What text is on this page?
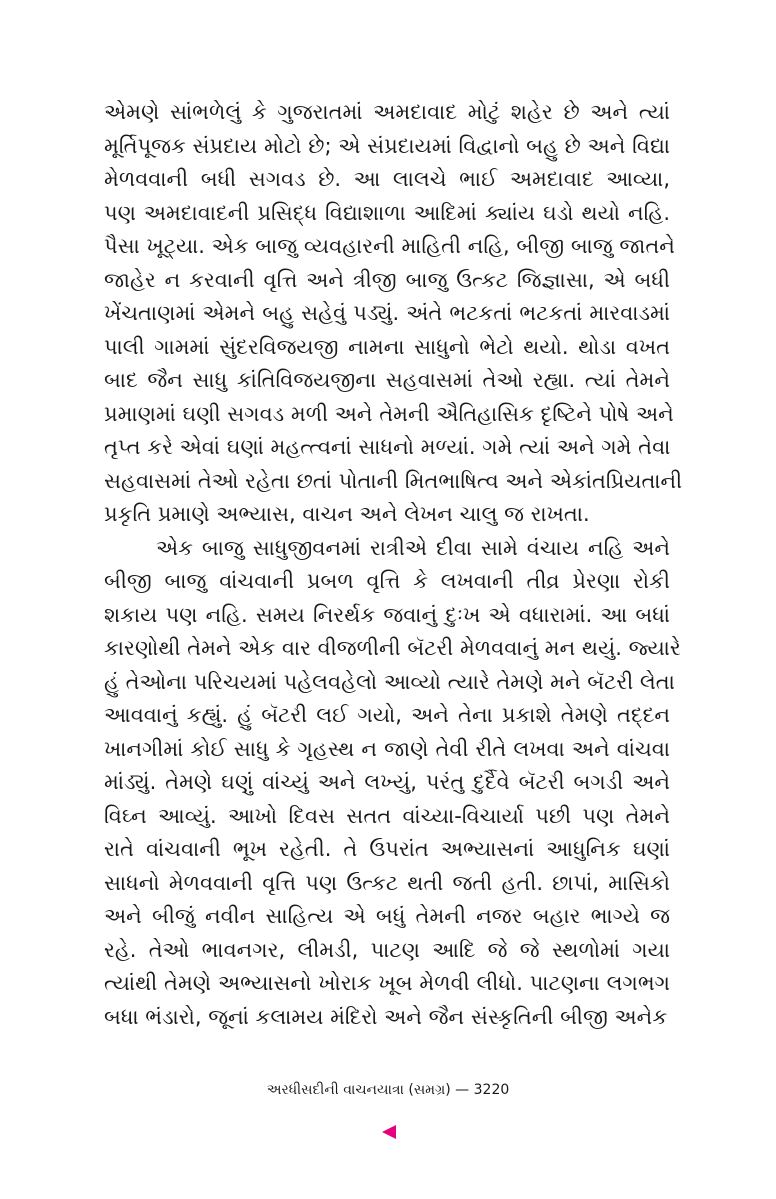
એમણે સાંભળેલું કે ગુજરાતમાં અમદાવાદ મોટું શહેર છે અને ત્યાં
મૂર્તિપૂજક સંપ્રદાય મોટો છે; એ સંપ્રદાયમાં વિદ્વાનો બહુ છે અને વિદ્યા
મેળવવાની બધી સગવડ છે. આ લાલચે ભાઈ અમદાવાદ આવ્યા,
પણ અમદાવાદની પ્રસિદ્ધ વિદ્યાશાળા આદિમાં ક્યાંય ઘડો થયો નહિ.
પૈસા ખૂટ્યા. એક બાજુ વ્યવહારની માહિતી નહિ, બીજી બાજુ જાતને
જાહેર ન કરવાની વૃત્તિ અને ત્રીજી બાજુ ઉત્કટ જિજ્ઞાસા, એ બધી
ખેંચતાણમાં એમને બહુ સહેવું પડ્યું. અંતે ભટકતાં ભટકતાં મારવાડમાં
પાલી ગામમાં સુંદરવિજયજી નામના સાધુનો ભેટો થયો. થોડા વખત
બાદ જૈન સાધુ કાંતિવિજયજીના સહવાસમાં તેઓ રહ્યા. ત્યાં તેમને
પ્રમાણમાં ઘણી સગવડ મળી અને તેમની ઐતિહાસિક દૃષ્ટિને પોષે અને
તૃપ્ત કરે એવાં ઘણાં મહત્ત્વનાં સાધનો મળ્યાં. ગમે ત્યાં અને ગમે તેવા
સહવાસમાં તેઓ રહેતા છતાં પોતાની મિતભાષિત્વ અને એકાંતપ્રિયતાની
પ્રકૃતિ પ્રમાણે અભ્યાસ, વાચન અને લેખન ચાલુ જ રાખતા.

એક બાજુ સાધુજીવનમાં રાત્રીએ દીવા સામે વંચાય નહિ અને
બીજી બાજુ વાંચવાની પ્રબળ વૃત્તિ કે લખવાની તીવ્ર પ્રેરણા રોકી
શકાય પણ નહિ. સમય નિરર્થક જવાનું દુઃખ એ વધારામાં. આ બધાં
કારણોથી તેમને એક વાર વીજળીની બૅટરી મેળવવાનું મન થયું. જ્યારે
હું તેઓના પરિચયમાં પહેલવહેલો આવ્યો ત્યારે તેમણે મને બૅટરી લેતા
આવવાનું કહ્યું. હું બૅટરી લઈ ગયો, અને તેના પ્રકાશે તેમણે તદ્દન
ખાનગીમાં કોઈ સાધુ કે ગૃહસ્થ ન જાણે તેવી રીતે લખવા અને વાંચવા
માંડ્યું. તેમણે ઘણું વાંચ્યું અને લખ્યું, પરંતુ દુર્દૈવે બૅટરી બગડી અને
વિઘ્ન આવ્યું. આખો દિવસ સતત વાંચ્યા-વિચાર્યા પછી પણ તેમને
રાતે વાંચવાની ભૂખ રહેતી. તે ઉપરાંત અભ્યાસનાં આધુનિક ઘણાં
સાધનો મેળવવાની વૃત્તિ પણ ઉત્કટ થતી જતી હતી. છાપાં, માસિકો
અને બીજું નવીન સાહિત્ય એ બધું તેમની નજર બહાર ભાગ્યે જ
રહે. તેઓ ભાવનગર, લીમડી, પાટણ આદિ જે જે સ્થળોમાં ગયા
ત્યાંથી તેમણે અભ્યાસનો ખોરાક ખૂબ મેળવી લીધો. પાટણના લગભગ
બધા ભંડારો, જૂનાં કલામય મંદિરો અને જૈન સંસ્કૃતિની બીજી અનેક

અરધીસદીની વાચનયાત્રા (સમગ્ર) — 3220
